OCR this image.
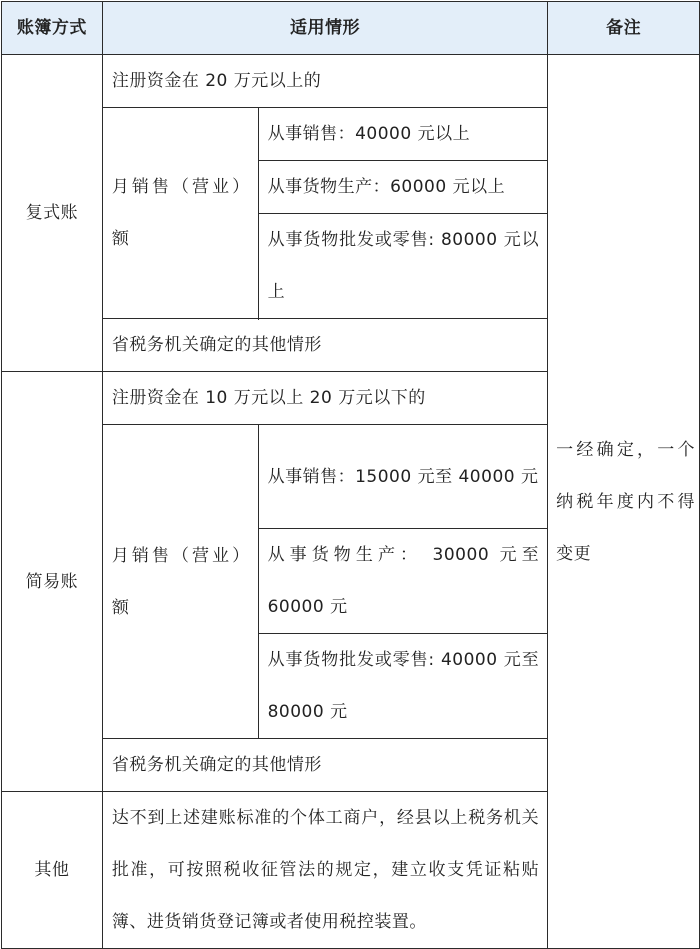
账簿方式	适用情形		备注
复式账	注册资金在 20 万元以上的		一经确定，一个纳税年度内不得变更
	月销售（营业）额	从事销售：40000 元以上	
		从事货物生产：60000 元以上	
		从事货物批发或零售: 80000 元以上	

	省税务机关确定的其他情形		
简易账	注册资金在 10 万元以上 20 万元以下的		
	月销售（营业）额	从事销售：15000 元至 40000 元	
		从事货物生产： 30000 元至 60000 元	
		从事货物批发或零售: 40000 元至 80000 元	
	省税务机关确定的其他情形		
其他	达不到上述建账标准的个体工商户，经县以上税务机关批准，可按照税收征管法的规定，建立收支凭证粘贴簿、进货销货登记簿或者使用税控装置。		
